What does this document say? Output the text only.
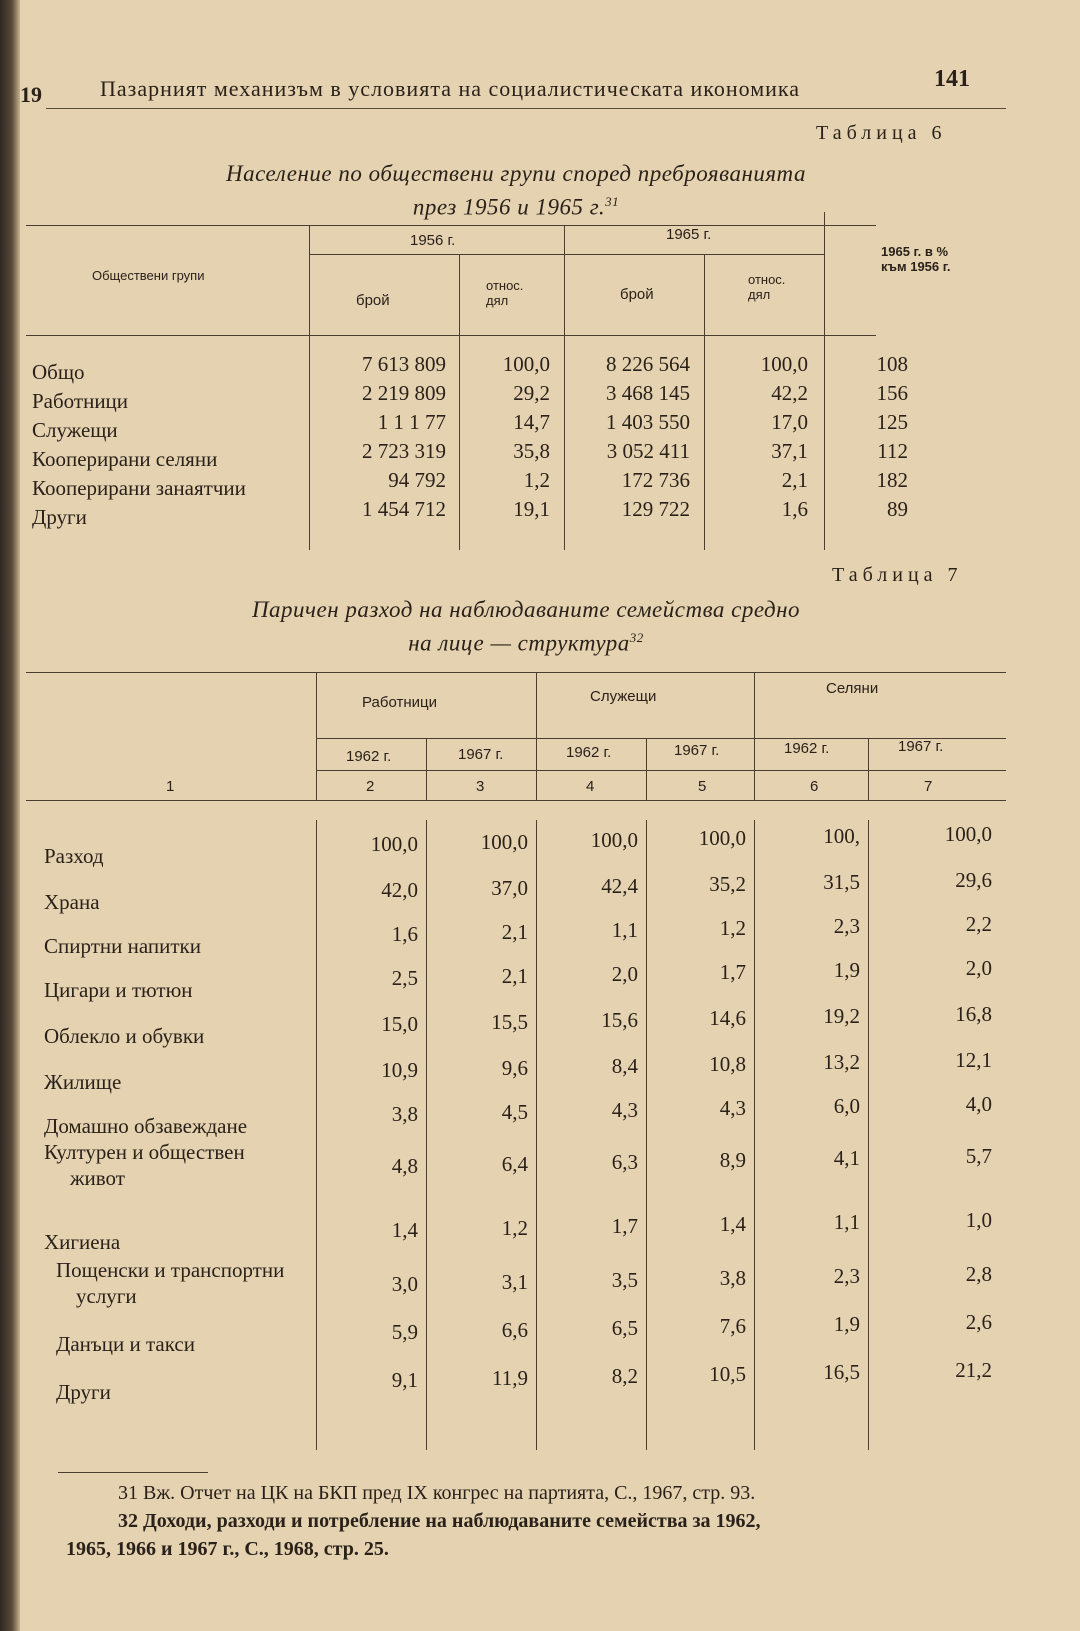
19	Пазарният механизъм в условията на социалистическата икономика	141
Таблица 6
Население по обществени групи според преброяванията
през 1956 и 1965 г.$^{31}$
Обществени групи
1956 г.	1965 г.
брой
относ. дял	брой
относ. дял
1965 г. в % към 1956 г.
Общо	7 613 809	100,0	8 226 564	100,0	108
Работници	2 219 809	29,2	3 468 145	42,2	156
Служещи	1 1 1 77	14,7	1 403 550	17,0	125
Кооперирани селяни	2 723 319	35,8	3 052 411	37,1	112
Кооперирани занаятчии	94 792	1,2	172 736	2,1	182
Други	1 454 712	19,1	129 722	1,6	89
Таблица 7
Паричен разход на наблюдаваните семейства средно
на лице — структура$^{32}$
Работници	Служещи	Селяни
1962 г.	1967 г.	1962 г.	1967 г.	1962 г.	1967 г.
1	2	3	4	5	6	7
Разход	100,0	100,0	100,0	100,0	100,	100,0
Храна	42,0	37,0	42,4	35,2	31,5	29,6
Спиртни напитки	1,6	2,1	1,1	1,2	2,3	2,2
Цигари и тютюн	2,5	2,1	2,0	1,7	1,9	2,0
Облекло и обувки	15,0	15,5	15,6	14,6	19,2	16,8
Жилище	10,9	9,6	8,4	10,8	13,2	12,1
Домашно обзавеждане	3,8	4,5	4,3	4,3	6,0	4,0
Културен и обществен
живот	4,8	6,4	6,3	8,9	4,1	5,7
Хигиена	1,4	1,2	1,7	1,4	1,1	1,0
Пощенски и транспортни
услуги	3,0	3,1	3,5	3,8	2,3	2,8
Данъци и такси	5,9	6,6	6,5	7,6	1,9	2,6
Други	9,1	11,9	8,2	10,5	16,5	21,2
31 Вж. Отчет на ЦК на БКП пред IX конгрес на партията, С., 1967, стр. 93.
32 Доходи, разходи и потребление на наблюдаваните семейства за 1962,
1965, 1966 и 1967 г., С., 1968, стр. 25.
